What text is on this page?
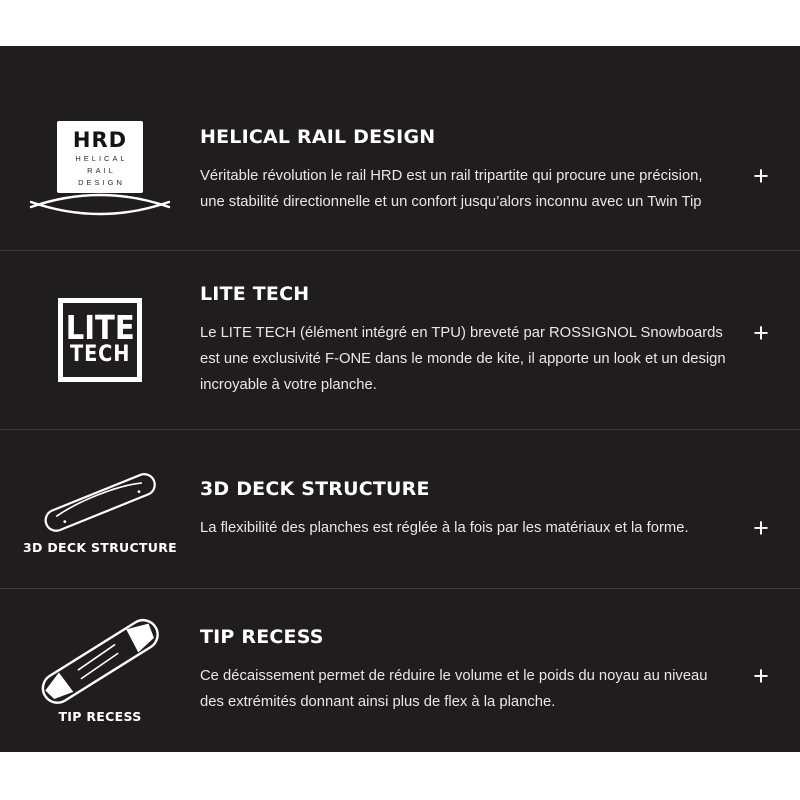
HRD
HELICAL
RAIL
DESIGN
HELICAL RAIL DESIGN

Véritable révolution le rail HRD est un rail tripartite qui procure une précision, une stabilité directionnelle et un confort jusqu’alors inconnu avec un Twin Tip

+
LITE
TECH
LITE TECH

Le LITE TECH (élément intégré en TPU) breveté par ROSSIGNOL Snowboards est une exclusivité F-ONE dans le monde de kite, il apporte un look et un design incroyable à votre planche.

+
3D DECK STRUCTURE
3D DECK STRUCTURE

La flexibilité des planches est réglée à la fois par les matériaux et la forme.	+
TIP RECESS
TIP RECESS

Ce décaissement permet de réduire le volume et le poids du noyau au niveau des extrémités donnant ainsi plus de flex à la planche.

+
